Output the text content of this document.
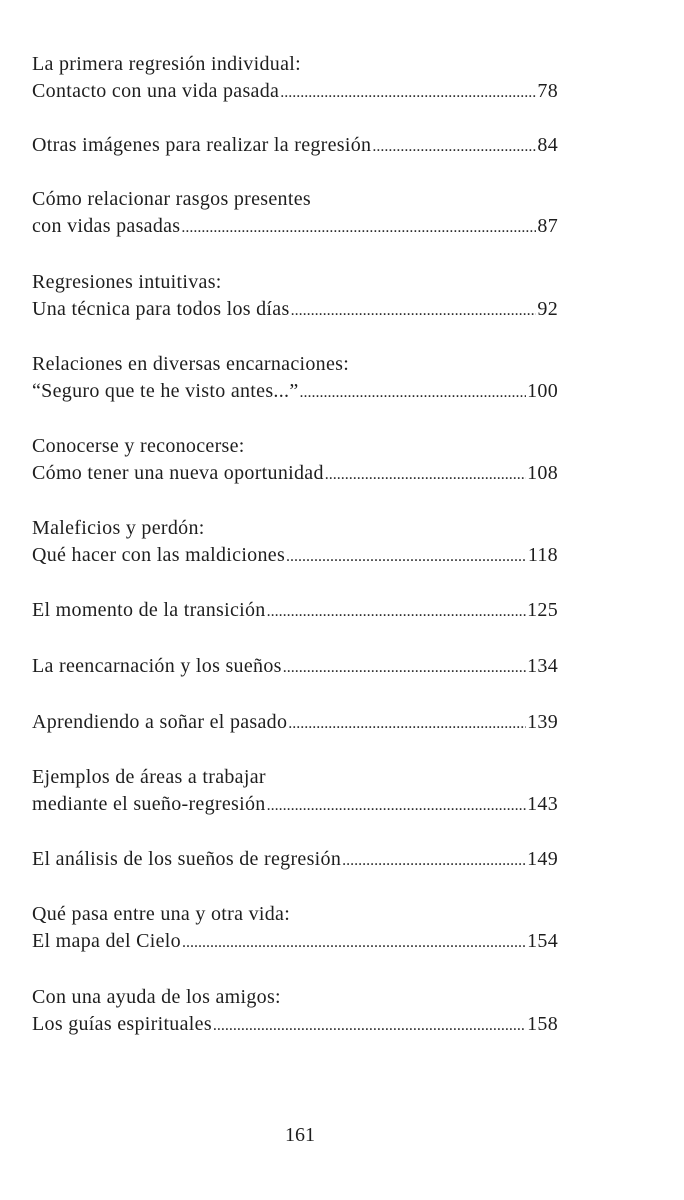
La primera regresión individual:
Contacto con una vida pasada .....	78
Otras imágenes para realizar la regresión .....	84
Cómo relacionar rasgos presentes
con vidas pasadas .....	87
Regresiones intuitivas:
Una técnica para todos los días .....	92
Relaciones en diversas encarnaciones:
“Seguro que te he visto antes...” .....	100
Conocerse y reconocerse:
Cómo tener una nueva oportunidad .....	108
Maleficios y perdón:
Qué hacer con las maldiciones .....	118
El momento de la transición .....	125
La reencarnación y los sueños .....	134
Aprendiendo a soñar el pasado .....	139
Ejemplos de áreas a trabajar
mediante el sueño-regresión .....	143
El análisis de los sueños de regresión .....	149
Qué pasa entre una y otra vida:
El mapa del Cielo .....	154
Con una ayuda de los amigos:
Los guías espirituales .....	158
161
